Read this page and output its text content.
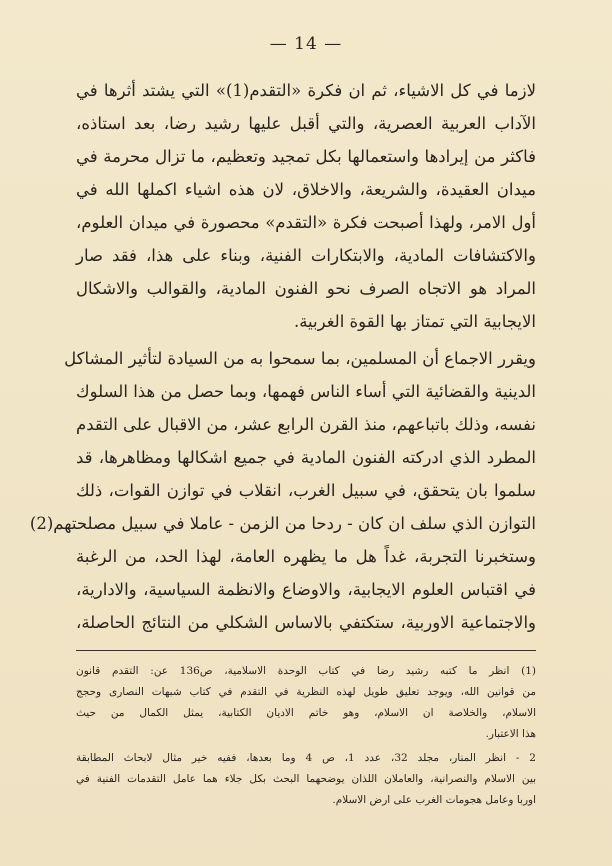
— 14 —
لازما في كل الاشياء، ثم ان فكرة «التقدم(1)» التي يشتد أثرها في
الآداب العربية العصرية، والتي أقبل عليها رشيد رضا، بعد استاذه،
فاكثر من إيرادها واستعمالها بكل تمجيد وتعظيم، ما تزال محرمة في
ميدان العقيدة، والشريعة، والاخلاق، لان هذه اشياء اكملها الله في
أول الامر، ولهذا أصبحت فكرة «التقدم» محصورة في ميدان العلوم،
والاكتشافات المادية، والابتكارات الفنية، وبناء على هذا، فقد صار
المراد هو الاتجاه الصرف نحو الفنون المادية، والقوالب والاشكال
الايجابية التي تمتاز بها القوة الغربية.
ويقرر الاجماع أن المسلمين، بما سمحوا به من السيادة لتأثير المشاكل
الدينية والقضائية التي أساء الناس فهمها، وبما حصل من هذا السلوك
نفسه، وذلك باتباعهم، منذ القرن الرابع عشر، من الاقبال على التقدم
المطرد الذي ادركته الفنون المادية في جميع اشكالها ومظاهرها، قد
سلموا بان يتحقق، في سبيل الغرب، انقلاب في توازن القوات، ذلك
التوازن الذي سلف ان كان - ردحا من الزمن - عاملا في سبيل مصلحتهم(2)
وستخبرنا التجربة، غداً هل ما يظهره العامة، لهذا الحد، من الرغبة
في اقتباس العلوم الايجابية، والاوضاع والانظمة السياسية، والادارية،
والاجتماعية الاوربية، ستكتفي بالاساس الشكلي من النتائج الحاصلة،
(1) انظر ما كتبه رشيد رضا في كتاب الوحدة الاسلامية، ص136 عن: التقدم قانون
من قوانين الله، ويوجد تعليق طويل لهذه النظرية في التقدم في كتاب شبهات النصارى وحجج
الاسلام، والخلاصة ان الاسلام، وهو خاتم الاديان الكتابية، يمثل الكمال من حيث
هذا الاعتبار.
2 - انظر المنار، مجلد 32، عدد 1، ص 4 وما بعدها، ففيه خير مثال لابحاث المطابقة
بين الاسلام والنصرانية، والعاملان اللذان يوضحهما البحث بكل جلاء هما عامل التقدمات الفنية في
اوربا وعامل هجومات الغرب على ارض الاسلام.
